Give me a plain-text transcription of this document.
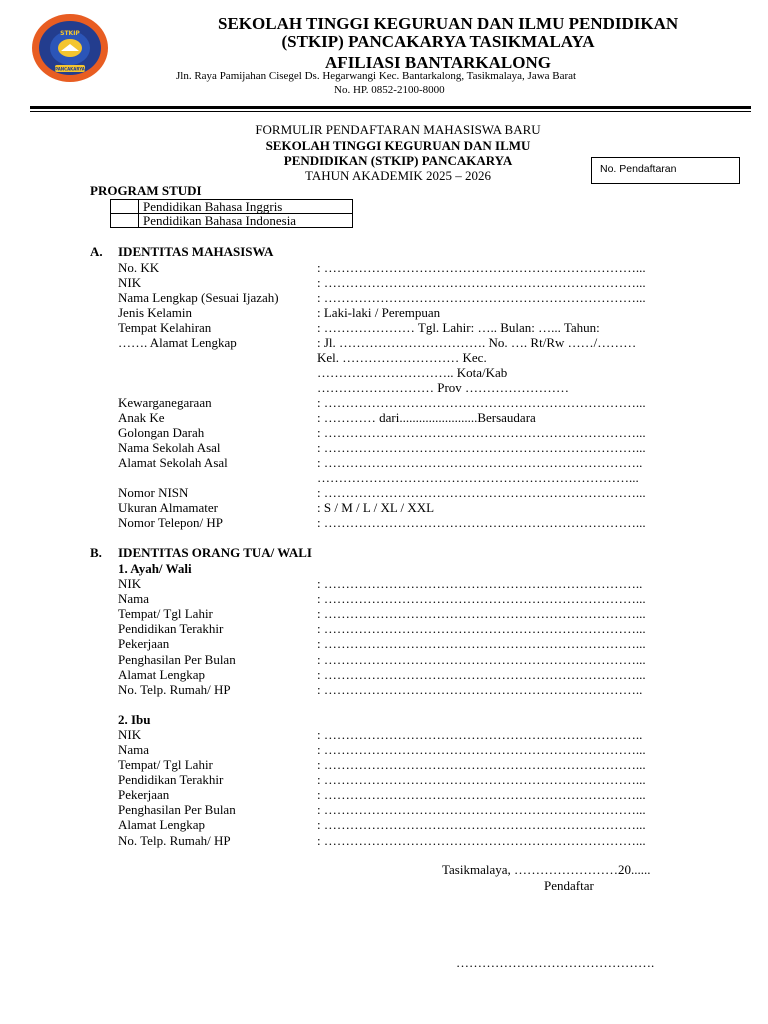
STKIP
PANCAKARYA
SEKOLAH TINGGI KEGURUAN DAN ILMU PENDIDIKAN
(STKIP) PANCAKARYA TASIKMALAYA
AFILIASI BANTARKALONG
Jln. Raya Pamijahan Cisegel Ds. Hegarwangi Kec. Bantarkalong, Tasikmalaya, Jawa Barat
No. HP. 0852-2100-8000
FORMULIR PENDAFTARAN MAHASISWA BARU
SEKOLAH TINGGI KEGURUAN DAN ILMU
PENDIDIKAN (STKIP) PANCAKARYA
TAHUN AKADEMIK 2025 – 2026	No. Pendaftaran
PROGRAM STUDI
	Pendidikan Bahasa Inggris
	Pendidikan Bahasa Indonesia
A. IDENTITAS MAHASISWA
No. KK	: ………………………………………………………………...
NIK	: ………………………………………………………………...
Nama Lengkap (Sesuai Ijazah)	: ………………………………………………………………...
Jenis Kelamin	: Laki-laki / Perempuan
Tempat Kelahiran	: ………………… Tgl. Lahir: ….. Bulan: …... Tahun:
……. Alamat Lengkap	: Jl. ……………………………. No. …. Rt/Rw ……/………
Kel. ……………………… Kec.
………………………….. Kota/Kab
……………………… Prov ……………………
Kewarganegaraan	: ………………………………………………………………...
Anak Ke	: ………… dari........................Bersaudara
Golongan Darah	: ………………………………………………………………...
Nama Sekolah Asal	: ………………………………………………………………...
Alamat Sekolah Asal	: ………………………………………………………………..
………………………………………………………………...
Nomor NISN	: ………………………………………………………………...
Ukuran Almamater	: S / M / L / XL / XXL
Nomor Telepon/ HP	: ………………………………………………………………...
B. IDENTITAS ORANG TUA/ WALI
1. Ayah/ Wali
NIK	: ………………………………………………………………..
Nama	: ………………………………………………………………...
Tempat/ Tgl Lahir	: ………………………………………………………………...
Pendidikan Terakhir	: ………………………………………………………………...
Pekerjaan	: ………………………………………………………………...
Penghasilan Per Bulan	: ………………………………………………………………...
Alamat Lengkap	: ………………………………………………………………...
No. Telp. Rumah/ HP	: ………………………………………………………………..
2. Ibu
NIK	: ………………………………………………………………..
Nama	: ………………………………………………………………...
Tempat/ Tgl Lahir	: ………………………………………………………………...
Pendidikan Terakhir	: ………………………………………………………………...
Pekerjaan	: ………………………………………………………………...
Penghasilan Per Bulan	: ………………………………………………………………...
Alamat Lengkap	: ………………………………………………………………...
No. Telp. Rumah/ HP	: ………………………………………………………………...
Tasikmalaya, ……………………20......
Pendaftar
……………………………………….
